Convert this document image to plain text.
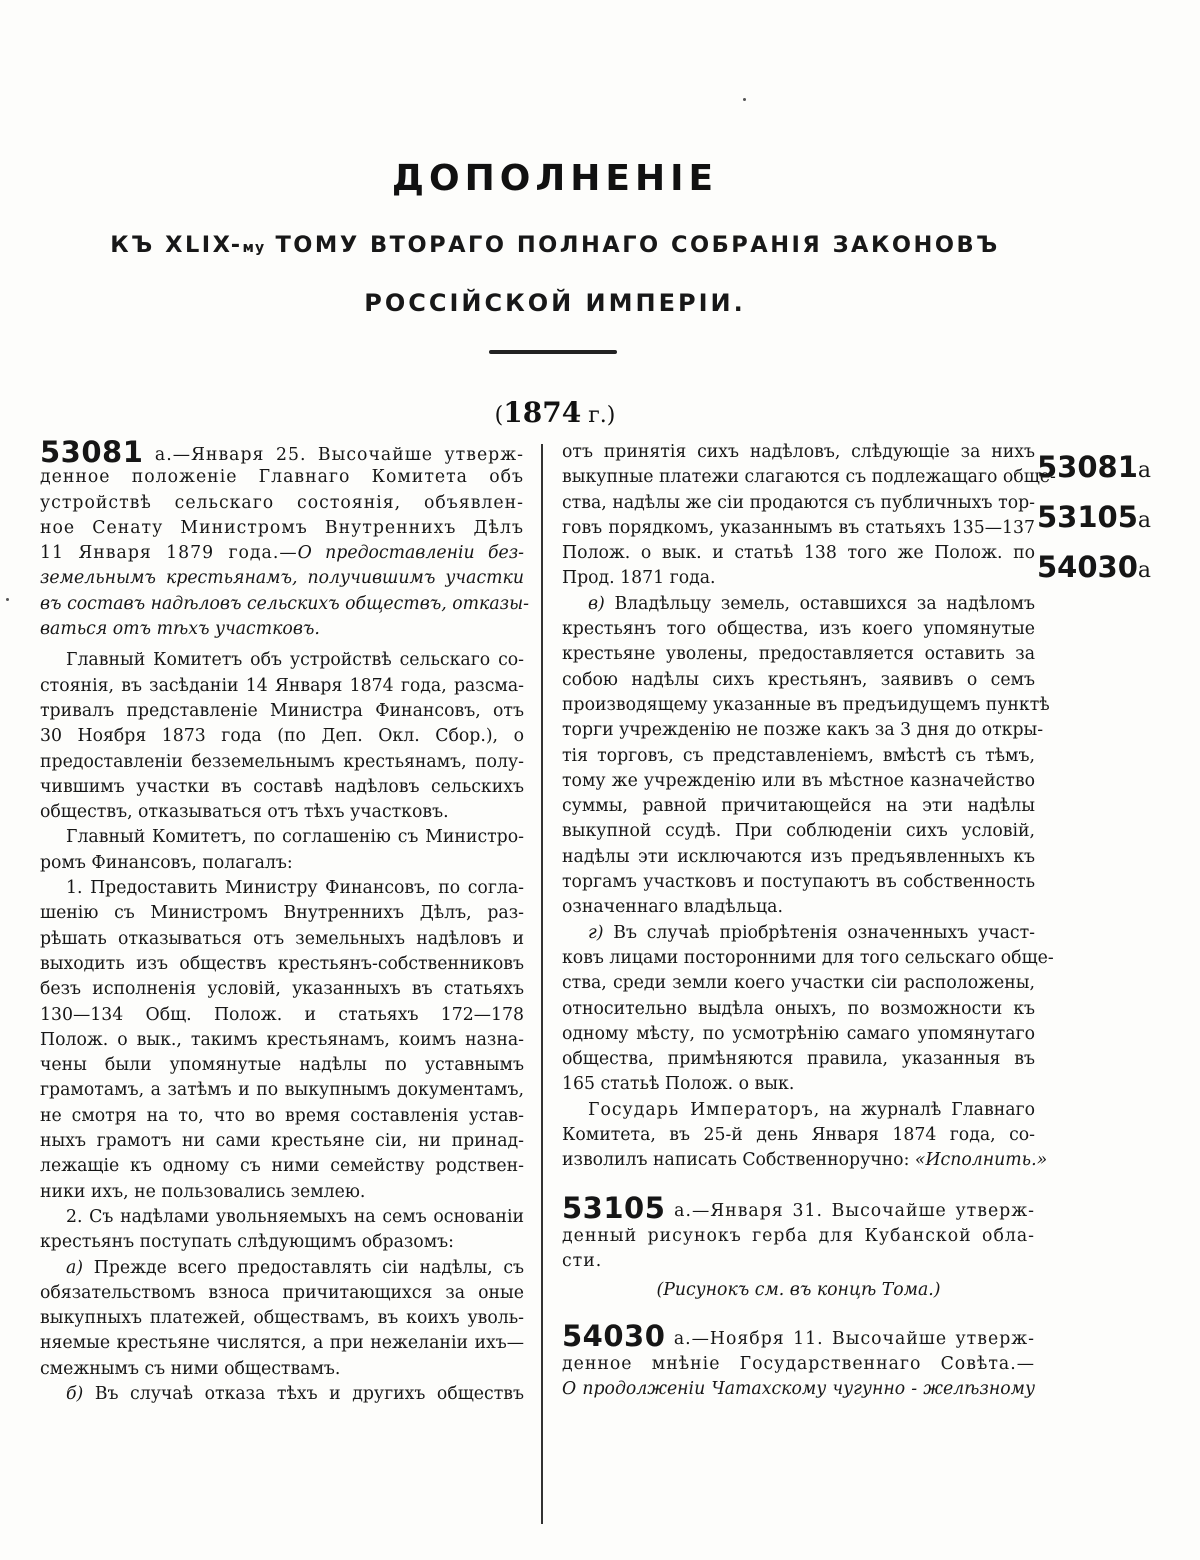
ДОПОЛНЕНІЕ
КЪ XLIX-му ТОМУ ВТОРАГО ПОЛНАГО СОБРАНІЯ ЗАКОНОВЪ
РОССІЙСКОЙ ИМПЕРІИ.
(1874 г.)
53081 а.—Января 25. Высочайше утверж-
денное положеніе Главнаго Комитета объ
устройствѣ сельскаго состоянія, объявлен-
ное Сенату Министромъ Внутреннихъ Дѣлъ
11 Января 1879 года.—О предоставленіи без-
земельнымъ крестьянамъ, получившимъ участки
въ составъ надѣловъ сельскихъ обществъ, отказы-
ваться отъ тѣхъ участковъ.
Главный Комитетъ объ устройствѣ сельскаго со-
стоянія, въ засѣданіи 14 Января 1874 года, разсма-
тривалъ представленіе Министра Финансовъ, отъ
30 Ноября 1873 года (по Деп. Окл. Сбор.), о
предоставленіи безземельнымъ крестьянамъ, полу-
чившимъ участки въ составѣ надѣловъ сельскихъ
обществъ, отказываться отъ тѣхъ участковъ.
Главный Комитетъ, по соглашенію съ Министро-
ромъ Финансовъ, полагалъ:
1. Предоставить Министру Финансовъ, по согла-
шенію съ Министромъ Внутреннихъ Дѣлъ, раз-
рѣшать отказываться отъ земельныхъ надѣловъ и
выходить изъ обществъ крестьянъ-собственниковъ
безъ исполненія условій, указанныхъ въ статьяхъ
130—134 Общ. Полож. и статьяхъ 172—178
Полож. о вык., такимъ крестьянамъ, коимъ назна-
чены были упомянутые надѣлы по уставнымъ
грамотамъ, а затѣмъ и по выкупнымъ документамъ,
не смотря на то, что во время составленія устав-
ныхъ грамотъ ни сами крестьяне сіи, ни принад-
лежащіе къ одному съ ними семейству родствен-
ники ихъ, не пользовались землею.
2. Съ надѣлами увольняемыхъ на семъ основаніи
крестьянъ поступать слѣдующимъ образомъ:
а) Прежде всего предоставлять сіи надѣлы, съ
обязательствомъ взноса причитающихся за оные
выкупныхъ платежей, обществамъ, въ коихъ уволь-
няемые крестьяне числятся, а при нежеланіи ихъ—
смежнымъ съ ними обществамъ.
б) Въ случаѣ отказа тѣхъ и другихъ обществъ
отъ принятія сихъ надѣловъ, слѣдующіе за нихъ
выкупные платежи слагаются съ подлежащаго обще-
ства, надѣлы же сіи продаются съ публичныхъ тор-
говъ порядкомъ, указаннымъ въ статьяхъ 135—137
Полож. о вык. и статьѣ 138 того же Полож. по
Прод. 1871 года.
в) Владѣльцу земель, оставшихся за надѣломъ
крестьянъ того общества, изъ коего упомянутые
крестьяне уволены, предоставляется оставить за
собою надѣлы сихъ крестьянъ, заявивъ о семъ
производящему указанные въ предъидущемъ пунктѣ
торги учрежденію не позже какъ за 3 дня до откры-
тія торговъ, съ представленіемъ, вмѣстѣ съ тѣмъ,
тому же учрежденію или въ мѣстное казначейство
суммы, равной причитающейся на эти надѣлы
выкупной ссудѣ. При соблюденіи сихъ условій,
надѣлы эти исключаются изъ предъявленныхъ къ
торгамъ участковъ и поступаютъ въ собственность
означеннаго владѣльца.
г) Въ случаѣ пріобрѣтенія означенныхъ участ-
ковъ лицами посторонними для того сельскаго обще-
ства, среди земли коего участки сіи расположены,
относительно выдѣла оныхъ, по возможности къ
одному мѣсту, по усмотрѣнію самаго упомянутаго
общества, примѣняются правила, указанныя въ
165 статьѣ Полож. о вык.
Государь Императоръ, на журналѣ Главнаго
Комитета, въ 25-й день Января 1874 года, со-
изволилъ написать Собственноручно: «Исполнить.»
53105 а.—Января 31. Высочайше утверж-
денный рисунокъ герба для Кубанской обла-
сти.
(Рисунокъ см. въ концѣ Тома.)
54030 а.—Ноября 11. Высочайше утверж-
денное мнѣніе Государственнаго Совѣта.—
О продолженіи Чатахскому чугунно - желѣзному
53081а
53105а
54030а
